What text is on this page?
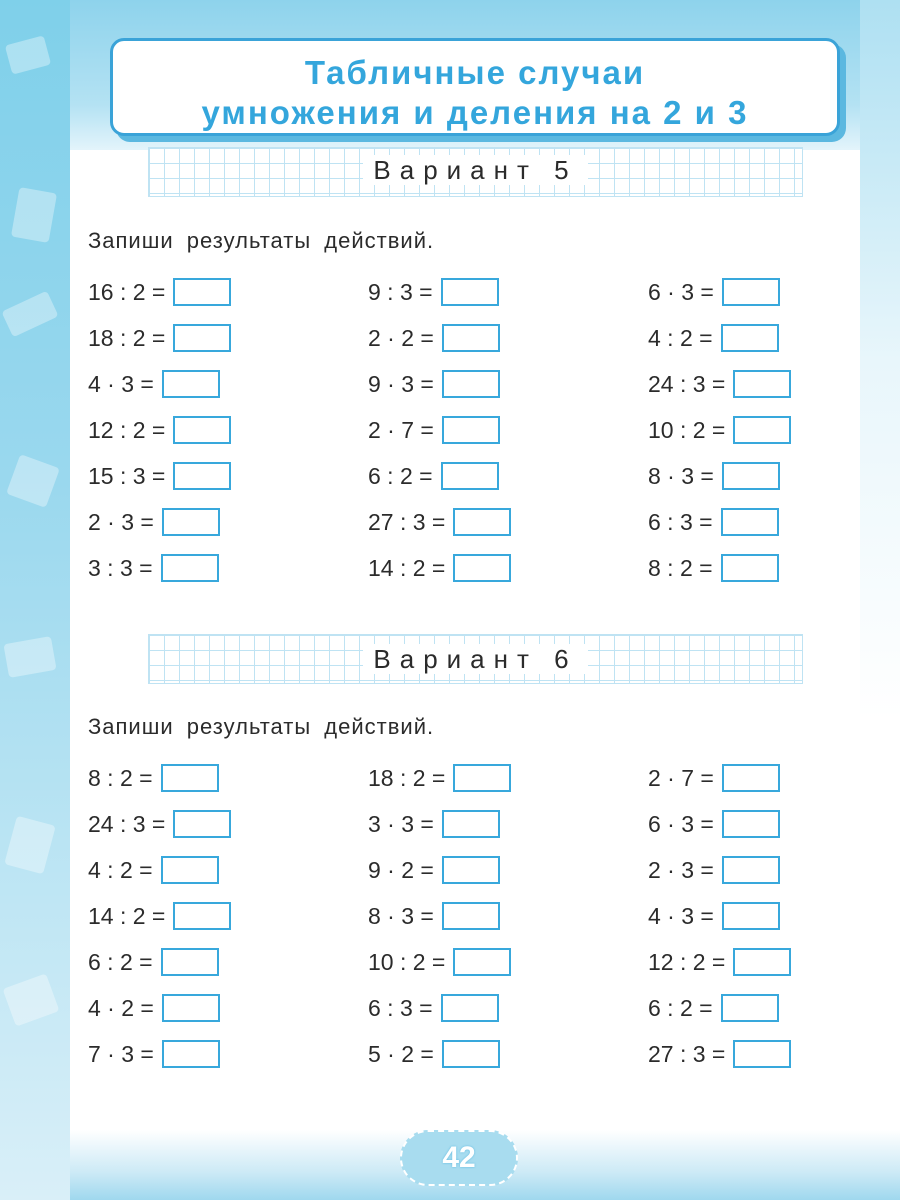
Табличные случаи
умножения и деления на 2 и 3
Вариант 5
Запиши результаты действий.
16 : 2 =
18 : 2 =
4 · 3 =
12 : 2 =
15 : 3 =
2 · 3 =
3 : 3 =
9 : 3 =
2 · 2 =
9 · 3 =
2 · 7 =
6 : 2 =
27 : 3 =
14 : 2 =
6 · 3 =
4 : 2 =
24 : 3 =
10 : 2 =
8 · 3 =
6 : 3 =
8 : 2 =
Вариант 6
Запиши результаты действий.
8 : 2 =
24 : 3 =
4 : 2 =
14 : 2 =
6 : 2 =
4 · 2 =
7 · 3 =
18 : 2 =
3 · 3 =
9 · 2 =
8 · 3 =
10 : 2 =
6 : 3 =
5 · 2 =
2 · 7 =
6 · 3 =
2 · 3 =
4 · 3 =
12 : 2 =
6 : 2 =
27 : 3 =
42
